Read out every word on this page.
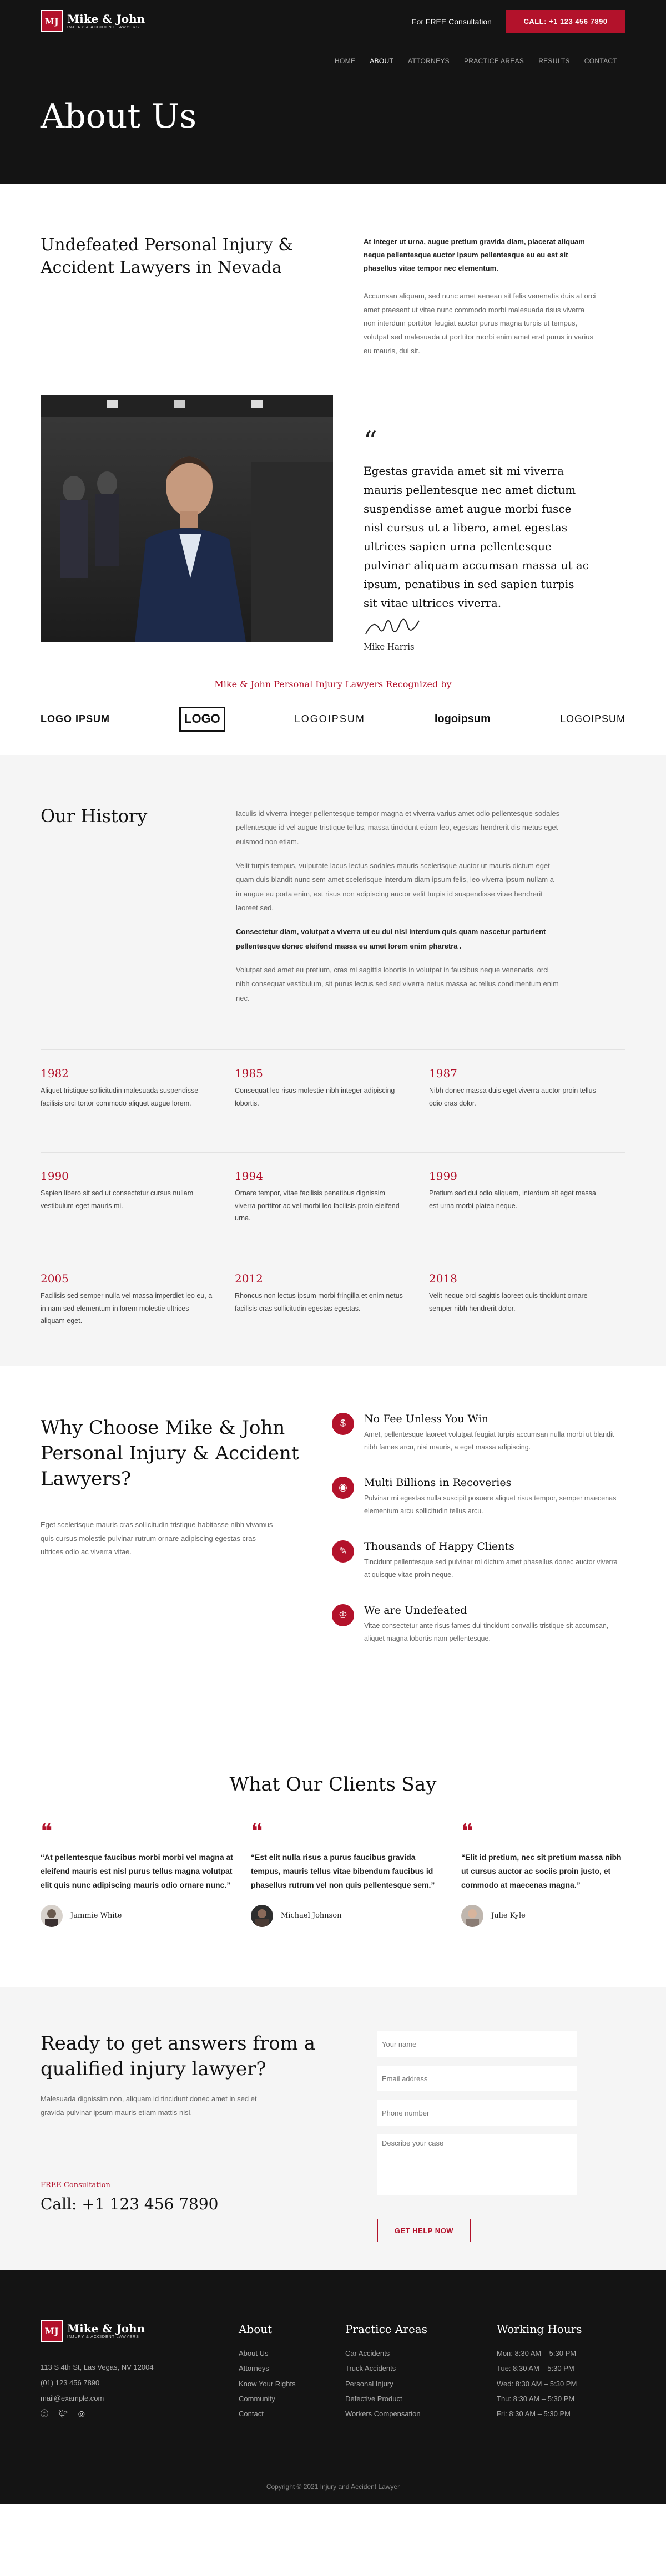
MJ Mike & John
INJURY & ACCIDENT LAWYERS
For FREE Consultation	CALL: +1 123 456 7890
HOME ABOUT ATTORNEYS PRACTICE AREAS RESULTS CONTACT
About Us
Undefeated Personal Injury & Accident Lawyers in Nevada

At integer ut urna, augue pretium gravida diam, placerat aliquam neque pellentesque auctor ipsum pellentesque eu eu est sit phasellus vitae tempor nec elementum.

Accumsan aliquam, sed nunc amet aenean sit felis venenatis duis at orci amet praesent ut vitae nunc commodo morbi malesuada risus viverra non interdum porttitor feugiat auctor purus magna turpis ut tempus, volutpat sed malesuada ut porttitor morbi enim amet erat purus in varius eu mauris, dui sit.

“

Egestas gravida amet sit mi viverra mauris pellentesque nec amet dictum suspendisse amet augue morbi fusce nisl cursus ut a libero, amet egestas ultrices sapien urna pellentesque pulvinar aliquam accumsan massa ut ac ipsum, penatibus in sed sapien turpis sit vitae ultrices viverra.

Mike Harris
Mike & John Personal Injury Lawyers Recognized by
LOGO IPSUM	LOGO	LOGOIPSUM	logoipsum	LOGOIPSUM
Our History	Iaculis id viverra integer pellentesque tempor magna et viverra varius amet odio pellentesque sodales pellentesque id vel augue tristique tellus, massa tincidunt etiam leo, egestas hendrerit dis metus eget euismod non etiam.

Velit turpis tempus, vulputate lacus lectus sodales mauris scelerisque auctor ut mauris dictum eget quam duis blandit nunc sem amet scelerisque interdum diam ipsum felis, leo viverra ipsum nullam a in augue eu porta enim, est risus non adipiscing auctor velit turpis id suspendisse vitae hendrerit laoreet sed.

Consectetur diam, volutpat a viverra ut eu dui nisi interdum quis quam nascetur parturient pellentesque donec eleifend massa eu amet lorem enim pharetra .

Volutpat sed amet eu pretium, cras mi sagittis lobortis in volutpat in faucibus neque venenatis, orci nibh consequat vestibulum, sit purus lectus sed sed viverra netus massa ac tellus condimentum enim nec.

1982
Aliquet tristique sollicitudin malesuada suspendisse facilisis orci tortor commodo aliquet augue lorem.
1985
Consequat leo risus molestie nibh integer adipiscing lobortis.
1987
Nibh donec massa duis eget viverra auctor proin tellus odio cras dolor.
1990
Sapien libero sit sed ut consectetur cursus nullam vestibulum eget mauris mi.
1994
Ornare tempor, vitae facilisis penatibus dignissim viverra porttitor ac vel morbi leo facilisis proin eleifend urna.
1999
Pretium sed dui odio aliquam, interdum sit eget massa est urna morbi platea neque.
2005
Facilisis sed semper nulla vel massa imperdiet leo eu, a in nam sed elementum in lorem molestie ultrices aliquam eget.
2012
Rhoncus non lectus ipsum morbi fringilla et enim netus facilisis cras sollicitudin egestas egestas.
2018
Velit neque orci sagittis laoreet quis tincidunt ornare semper nibh hendrerit dolor.
Why Choose Mike & John Personal Injury & Accident Lawyers?

Eget scelerisque mauris cras sollicitudin tristique habitasse nibh vivamus quis cursus molestie pulvinar rutrum ornare adipiscing egestas cras ultrices odio ac viverra vitae.

$	No Fee Unless You Win
Amet, pellentesque laoreet volutpat feugiat turpis accumsan nulla morbi ut blandit nibh fames arcu, nisi mauris, a eget massa adipiscing.
◉	Multi Billions in Recoveries
Pulvinar mi egestas nulla suscipit posuere aliquet risus tempor, semper maecenas elementum arcu sollicitudin tellus arcu.
✎	Thousands of Happy Clients
Tincidunt pellentesque sed pulvinar mi dictum amet phasellus donec auctor viverra at quisque vitae proin neque.
♔	We are Undefeated
Vitae consectetur ante risus fames dui tincidunt convallis tristique sit accumsan, aliquet magna lobortis nam pellentesque.
What Our Clients Say
❝

“At pellentesque faucibus morbi morbi vel magna at eleifend mauris est nisl purus tellus magna volutpat elit quis nunc adipiscing mauris odio ornare nunc.”

Jammie White
❝

“Est elit nulla risus a purus faucibus gravida tempus, mauris tellus vitae bibendum faucibus id phasellus rutrum vel non quis pellentesque sem.”

Michael Johnson
❝

“Elit id pretium, nec sit pretium massa nibh ut cursus auctor ac sociis proin justo, et commodo at maecenas magna.”

Julie Kyle
Ready to get answers from a qualified injury lawyer?

Malesuada dignissim non, aliquam id tincidunt donec amet in sed et gravida pulvinar ipsum mauris etiam mattis nisl.

FREE Consultation
Call: +1 123 456 7890
Your name
Email address
Phone number
Describe your case GET HELP NOW
MJ Mike & John
INJURY & ACCIDENT LAWYERS
113 S 4th St, Las Vegas, NV 12004
(01) 123 456 7890
mail@example.com
ⓕ 🐦︎ ◎
About
About Us
Attorneys
Know Your Rights
Community
Contact
Practice Areas
Car Accidents
Truck Accidents
Personal Injury
Defective Product
Workers Compensation
Working Hours
Mon: 8:30 AM – 5:30 PM
Tue: 8:30 AM – 5:30 PM
Wed: 8:30 AM – 5:30 PM
Thu: 8:30 AM – 5:30 PM
Fri: 8:30 AM – 5:30 PM
Copyright © 2021 Injury and Accident Lawyer
